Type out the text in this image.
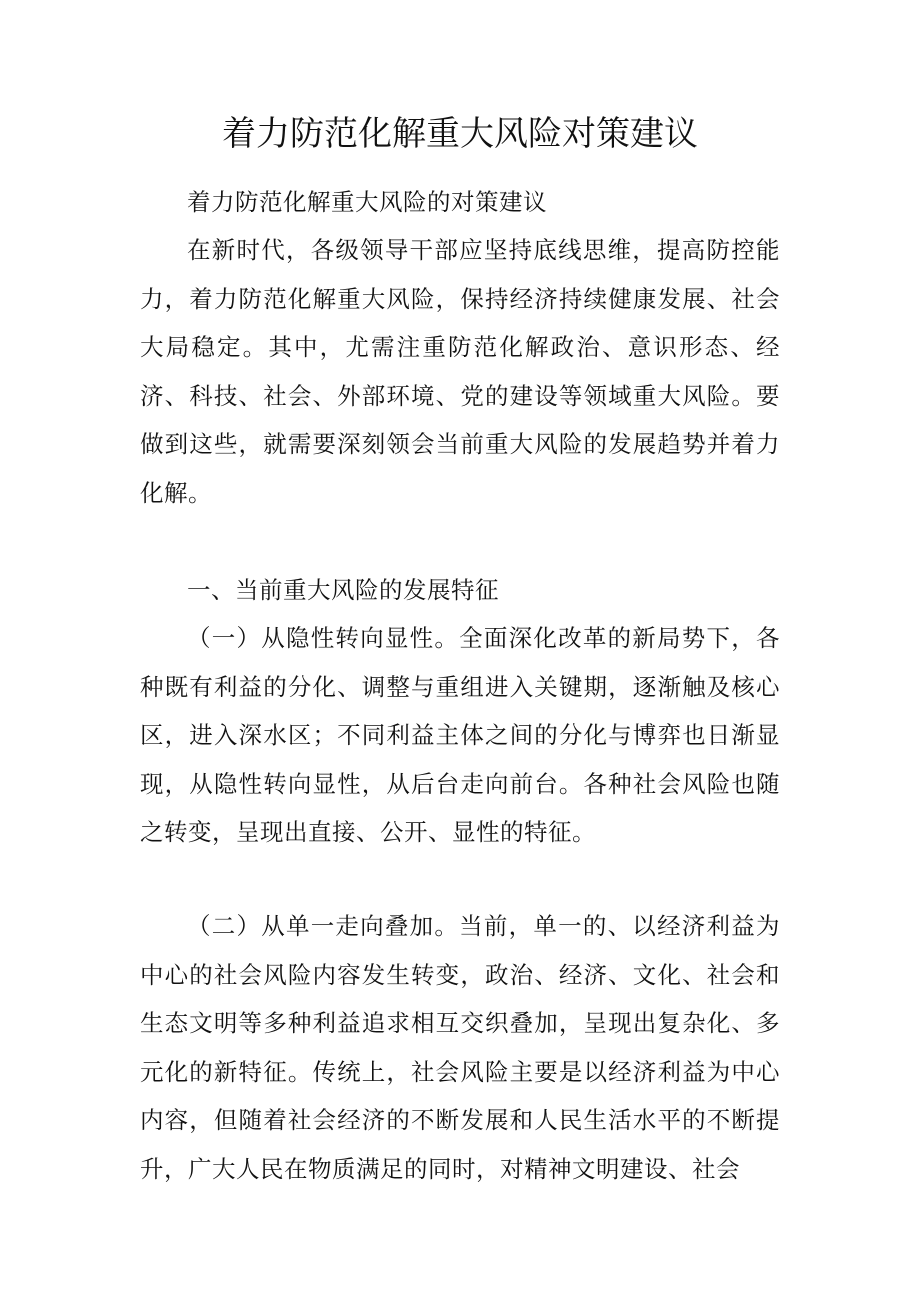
着力防范化解重大风险对策建议

着力防范化解重大风险的对策建议

在新时代，各级领导干部应坚持底线思维，提高防控能力，着力防范化解重大风险，保持经济持续健康发展、社会大局稳定。其中，尤需注重防范化解政治、意识形态、经济、科技、社会、外部环境、党的建设等领域重大风险。要做到这些，就需要深刻领会当前重大风险的发展趋势并着力化解。

一、当前重大风险的发展特征

（一）从隐性转向显性。全面深化改革的新局势下，各种既有利益的分化、调整与重组进入关键期，逐渐触及核心区，进入深水区；不同利益主体之间的分化与博弈也日渐显现，从隐性转向显性，从后台走向前台。各种社会风险也随之转变，呈现出直接、公开、显性的特征。

（二）从单一走向叠加。当前，单一的、以经济利益为中心的社会风险内容发生转变，政治、经济、文化、社会和生态文明等多种利益追求相互交织叠加，呈现出复杂化、多元化的新特征。传统上，社会风险主要是以经济利益为中心内容，但随着社会经济的不断发展和人民生活水平的不断提升，广大人民在物质满足的同时，对精神文明建设、社会
